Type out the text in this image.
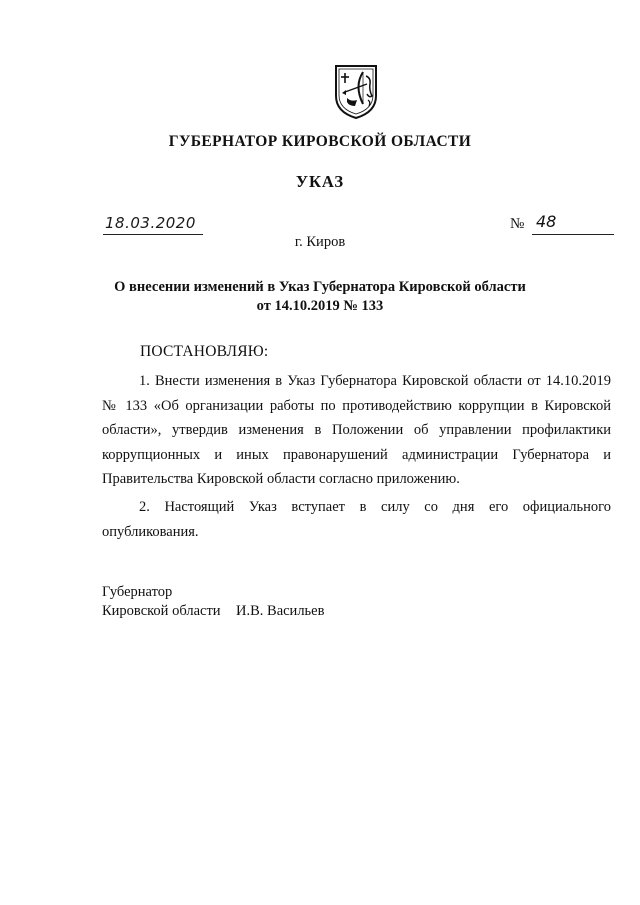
ГУБЕРНАТОР КИРОВСКОЙ ОБЛАСТИ
УКАЗ
18.03.2020	№ 48
г. Киров
О внесении изменений в Указ Губернатора Кировской области
от 14.10.2019 № 133
ПОСТАНОВЛЯЮ:
1. Внести изменения в Указ Губернатора Кировской области от 14.10.2019 № 133 «Об организации работы по противодействию коррупции в Кировской области», утвердив изменения в Положении об управлении профилактики коррупционных и иных правонарушений администрации Губернатора и Правительства Кировской области согласно приложению.
2. Настоящий Указ вступает в силу со дня его официального опубликования.
Губернатор
Кировской области И.В. Васильев
